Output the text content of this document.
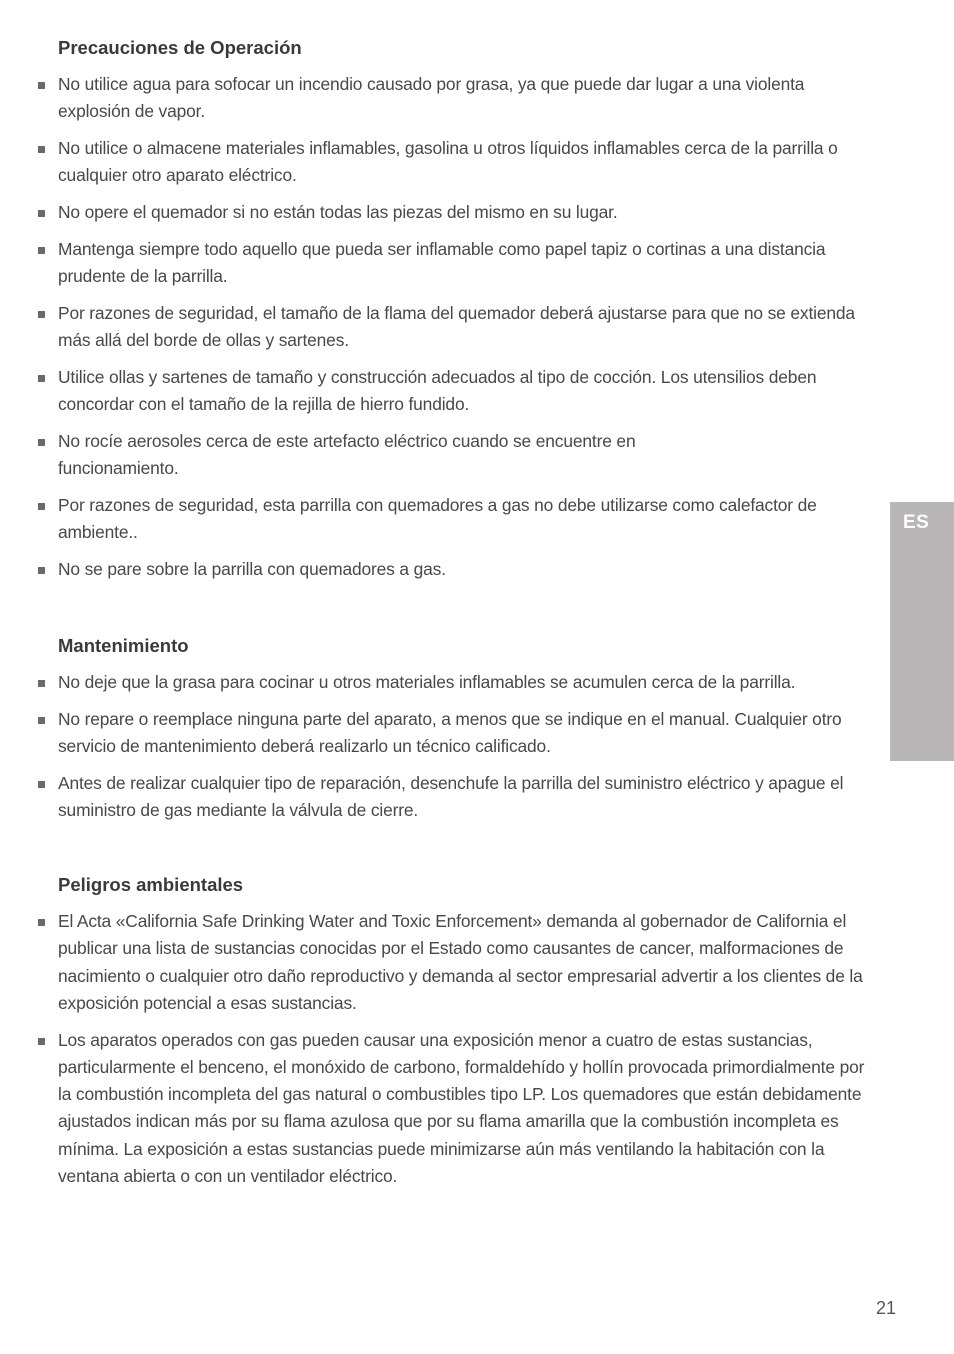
Precauciones de Operación
No utilice agua para sofocar un incendio causado por grasa, ya que puede dar lugar a una violenta explosión de vapor.
No utilice o almacene materiales inflamables, gasolina u otros líquidos inflamables cerca de la parrilla o cualquier otro aparato eléctrico.
No opere el quemador si no están todas las piezas del mismo en su lugar.
Mantenga siempre todo aquello que pueda ser inflamable como papel tapiz o cortinas a una distancia prudente de la parrilla.
Por razones de seguridad, el tamaño de la flama del quemador deberá ajustarse para que no se extienda más allá del borde de ollas y sartenes.
Utilice ollas y sartenes de tamaño y construcción adecuados al tipo de cocción. Los utensilios deben concordar con el tamaño de la rejilla de hierro fundido.
No rocíe aerosoles cerca de este artefacto eléctrico cuando se encuentre en funcionamiento.
Por razones de seguridad, esta parrilla con quemadores a gas no debe utilizarse como calefactor de ambiente..
No se pare sobre la parrilla con quemadores a gas.
Mantenimiento
No deje que la grasa para cocinar u otros materiales inflamables se acumulen cerca de la parrilla.
No repare o reemplace ninguna parte del aparato, a menos que se indique en el manual. Cualquier otro servicio de mantenimiento deberá realizarlo un técnico calificado.
Antes de realizar cualquier tipo de reparación, desenchufe la parrilla del suministro eléctrico y apague el suministro de gas mediante la válvula de cierre.
Peligros ambientales
El Acta «California Safe Drinking Water and Toxic Enforcement» demanda al gobernador de California el publicar una lista de sustancias conocidas por el Estado como causantes de cancer, malformaciones de nacimiento o cualquier otro daño reproductivo y demanda al sector empresarial advertir a los clientes de la exposición potencial a esas sustancias.
Los aparatos operados con gas pueden causar una exposición menor a cuatro de estas sustancias, particularmente el benceno, el monóxido de carbono, formaldehído y hollín provocada primordialmente por la combustión incompleta del gas natural o combustibles tipo LP. Los quemadores que están debidamente ajustados indican más por su flama azulosa que por su flama amarilla que la combustión incompleta es mínima. La exposición a estas sustancias puede minimizarse aún más ventilando la habitación con la ventana abierta o con un ventilador eléctrico.
ES
21
